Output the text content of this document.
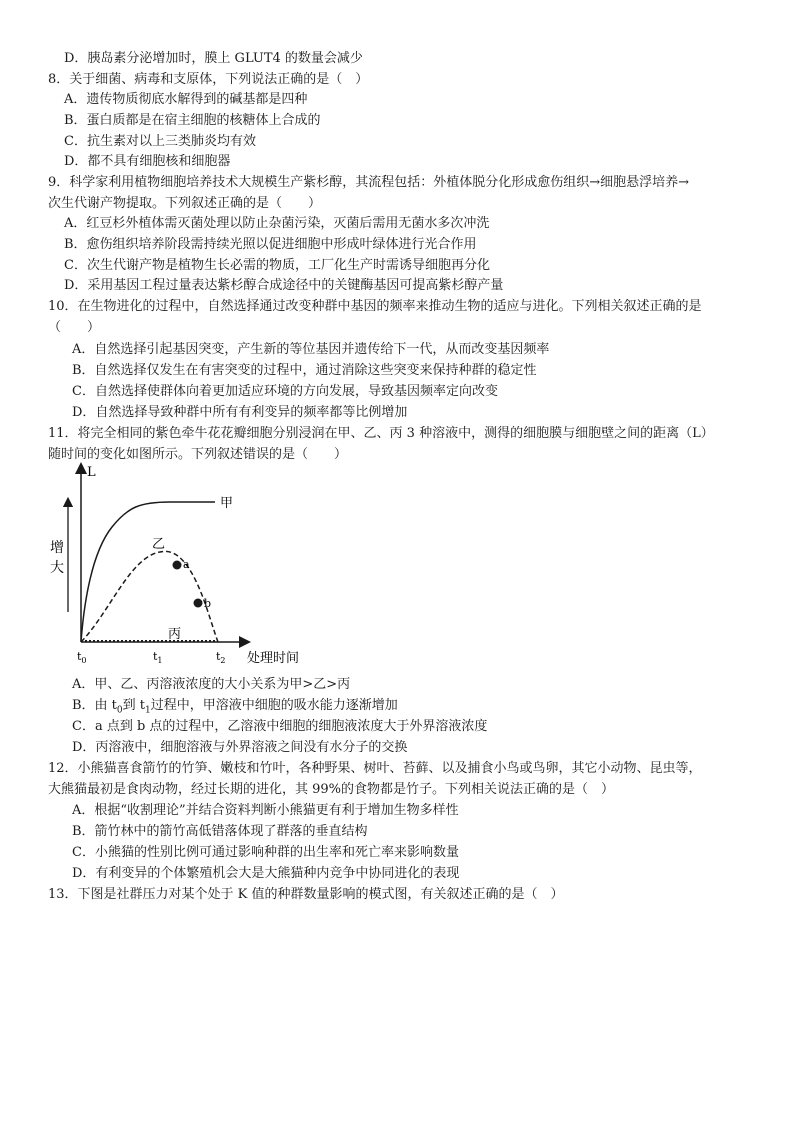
D．胰岛素分泌增加时，膜上 GLUT4 的数量会减少
8．关于细菌、病毒和支原体，下列说法正确的是（　）
A．遗传物质彻底水解得到的碱基都是四种
B．蛋白质都是在宿主细胞的核糖体上合成的
C．抗生素对以上三类肺炎均有效
D．都不具有细胞核和细胞器
9．科学家利用植物细胞培养技术大规模生产紫杉醇，其流程包括：外植体脱分化形成愈伤组织→细胞悬浮培养→
次生代谢产物提取。下列叙述正确的是（　　）
A．红豆杉外植体需灭菌处理以防止杂菌污染，灭菌后需用无菌水多次冲洗
B．愈伤组织培养阶段需持续光照以促进细胞中形成叶绿体进行光合作用
C．次生代谢产物是植物生长必需的物质，工厂化生产时需诱导细胞再分化
D．采用基因工程过量表达紫杉醇合成途径中的关键酶基因可提高紫杉醇产量
10．在生物进化的过程中，自然选择通过改变种群中基因的频率来推动生物的适应与进化。下列相关叙述正确的是
（　　）
A．自然选择引起基因突变，产生新的等位基因并遗传给下一代，从而改变基因频率
B．自然选择仅发生在有害突变的过程中，通过消除这些突变来保持种群的稳定性
C．自然选择使群体向着更加适应环境的方向发展，导致基因频率定向改变
D．自然选择导致种群中所有有利变异的频率都等比例增加
11．将完全相同的紫色牵牛花花瓣细胞分别浸润在甲、乙、丙 3 种溶液中，测得的细胞膜与细胞壁之间的距离（L）
随时间的变化如图所示。下列叙述错误的是（　　）
L
增
大
甲
乙
丙
a
b
$t_0$	$t_1$	$t_2$ 处理时间
A．甲、乙、丙溶液浓度的大小关系为甲>乙>丙
B．由 $t_0$到 $t_1$过程中，甲溶液中细胞的吸水能力逐渐增加
C．a 点到 b 点的过程中，乙溶液中细胞的细胞液浓度大于外界溶液浓度
D．丙溶液中，细胞溶液与外界溶液之间没有水分子的交换
12．小熊猫喜食箭竹的竹笋、嫩枝和竹叶，各种野果、树叶、苔藓、以及捕食小鸟或鸟卵，其它小动物、昆虫等，
大熊猫最初是食肉动物，经过长期的进化，其 99%的食物都是竹子。下列相关说法正确的是（　）
A．根据“收割理论”并结合资料判断小熊猫更有利于增加生物多样性
B．箭竹林中的箭竹高低错落体现了群落的垂直结构
C．小熊猫的性别比例可通过影响种群的出生率和死亡率来影响数量
D．有利变异的个体繁殖机会大是大熊猫种内竞争中协同进化的表现
13．下图是社群压力对某个处于 K 值的种群数量影响的模式图，有关叙述正确的是（　）
